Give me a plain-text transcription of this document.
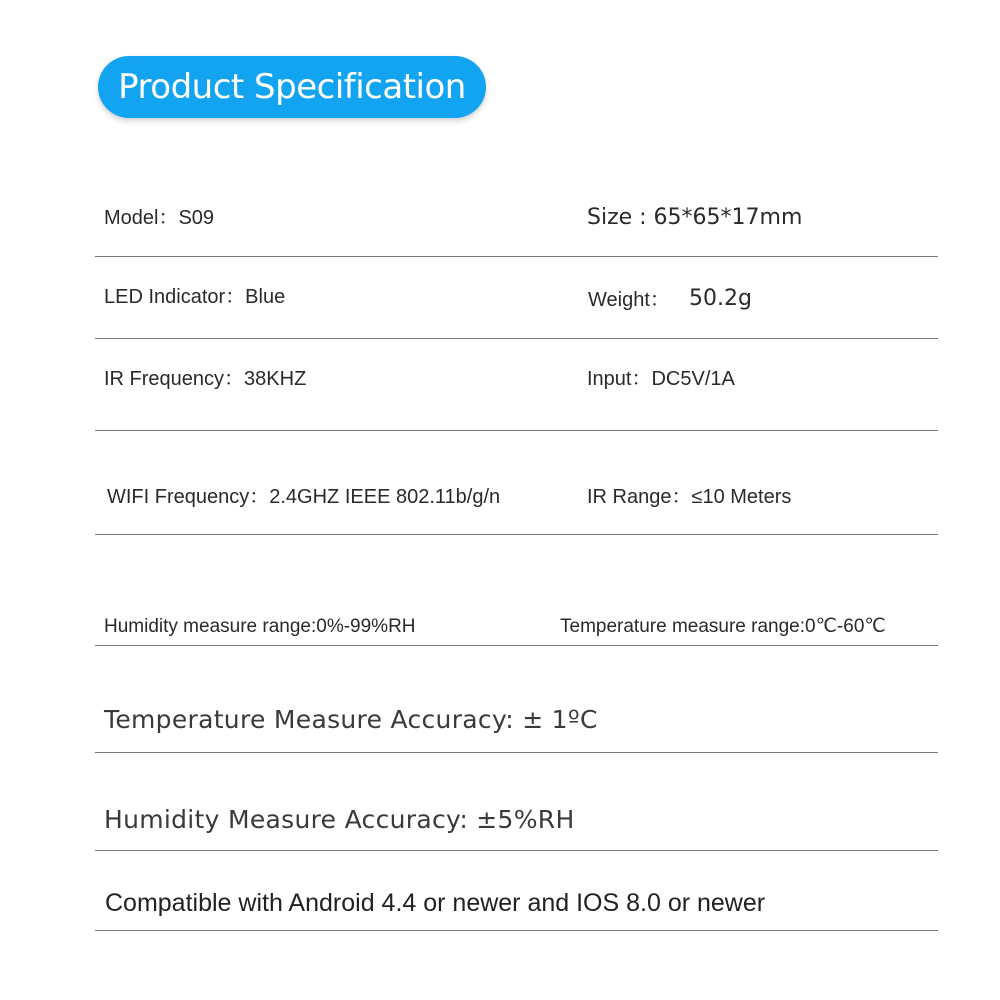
Product Specification
Model：S09	Size : 65*65*17mm
LED Indicator：Blue	Weight： 50.2g
IR Frequency：38KHZ	Input：DC5V/1A
WIFI Frequency：2.4GHZ IEEE 802.11b/g/n	IR Range：≤10 Meters
Humidity measure range:0%-99%RH	Temperature measure range:0℃-60℃
Temperature Measure Accuracy: ± 1ºC
Humidity Measure Accuracy: ±5%RH
Compatible with Android 4.4 or newer and IOS 8.0 or newer
